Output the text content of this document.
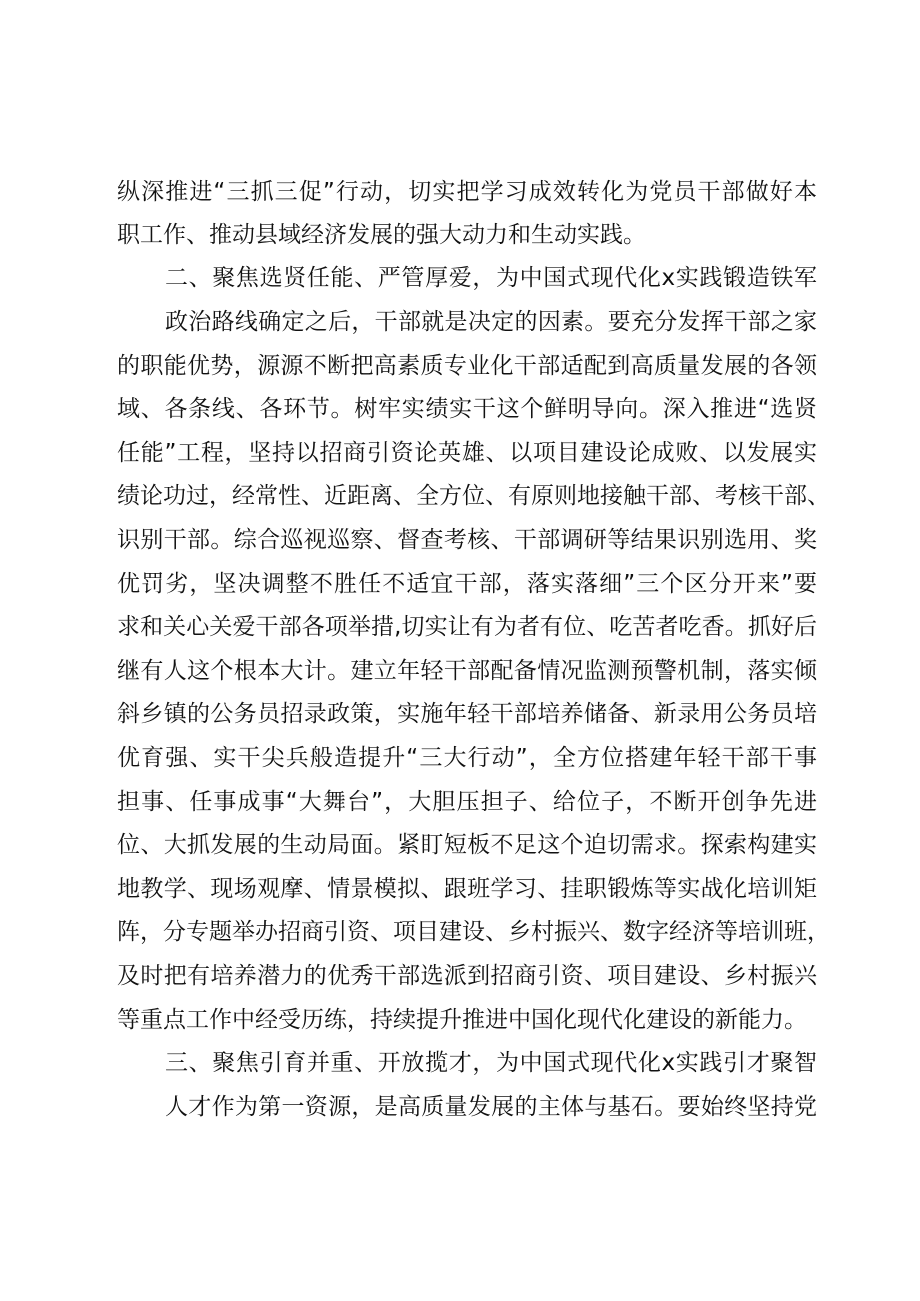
纵深推进“三抓三促”行动，切实把学习成效转化为党员干部做好本
职工作、推动县域经济发展的强大动力和生动实践。
二、聚焦选贤任能、严管厚爱，为中国式现代化x实践锻造铁军
政治路线确定之后，干部就是决定的因素。要充分发挥干部之家
的职能优势，源源不断把高素质专业化干部适配到高质量发展的各领
域、各条线、各环节。树牢实绩实干这个鲜明导向。深入推进“选贤
任能”工程，坚持以招商引资论英雄、以项目建设论成败、以发展实
绩论功过，经常性、近距离、全方位、有原则地接触干部、考核干部、
识别干部。综合巡视巡察、督查考核、干部调研等结果识别选用、奖
优罚劣，坚决调整不胜任不适宜干部，落实落细”三个区分开来”要
求和关心关爱干部各项举措,切实让有为者有位、吃苦者吃香。抓好后
继有人这个根本大计。建立年轻干部配备情况监测预警机制，落实倾
斜乡镇的公务员招录政策，实施年轻干部培养储备、新录用公务员培
优育强、实干尖兵般造提升“三大行动”，全方位搭建年轻干部干事
担事、任事成事“大舞台”，大胆压担子、给位子，不断开创争先进
位、大抓发展的生动局面。紧盯短板不足这个迫切需求。探索构建实
地教学、现场观摩、情景模拟、跟班学习、挂职锻炼等实战化培训矩
阵，分专题举办招商引资、项目建设、乡村振兴、数字经济等培训班，
及时把有培养潜力的优秀干部选派到招商引资、项目建设、乡村振兴
等重点工作中经受历练，持续提升推进中国化现代化建设的新能力。
三、聚焦引育并重、开放揽才，为中国式现代化x实践引才聚智
人才作为第一资源，是高质量发展的主体与基石。要始终坚持党
